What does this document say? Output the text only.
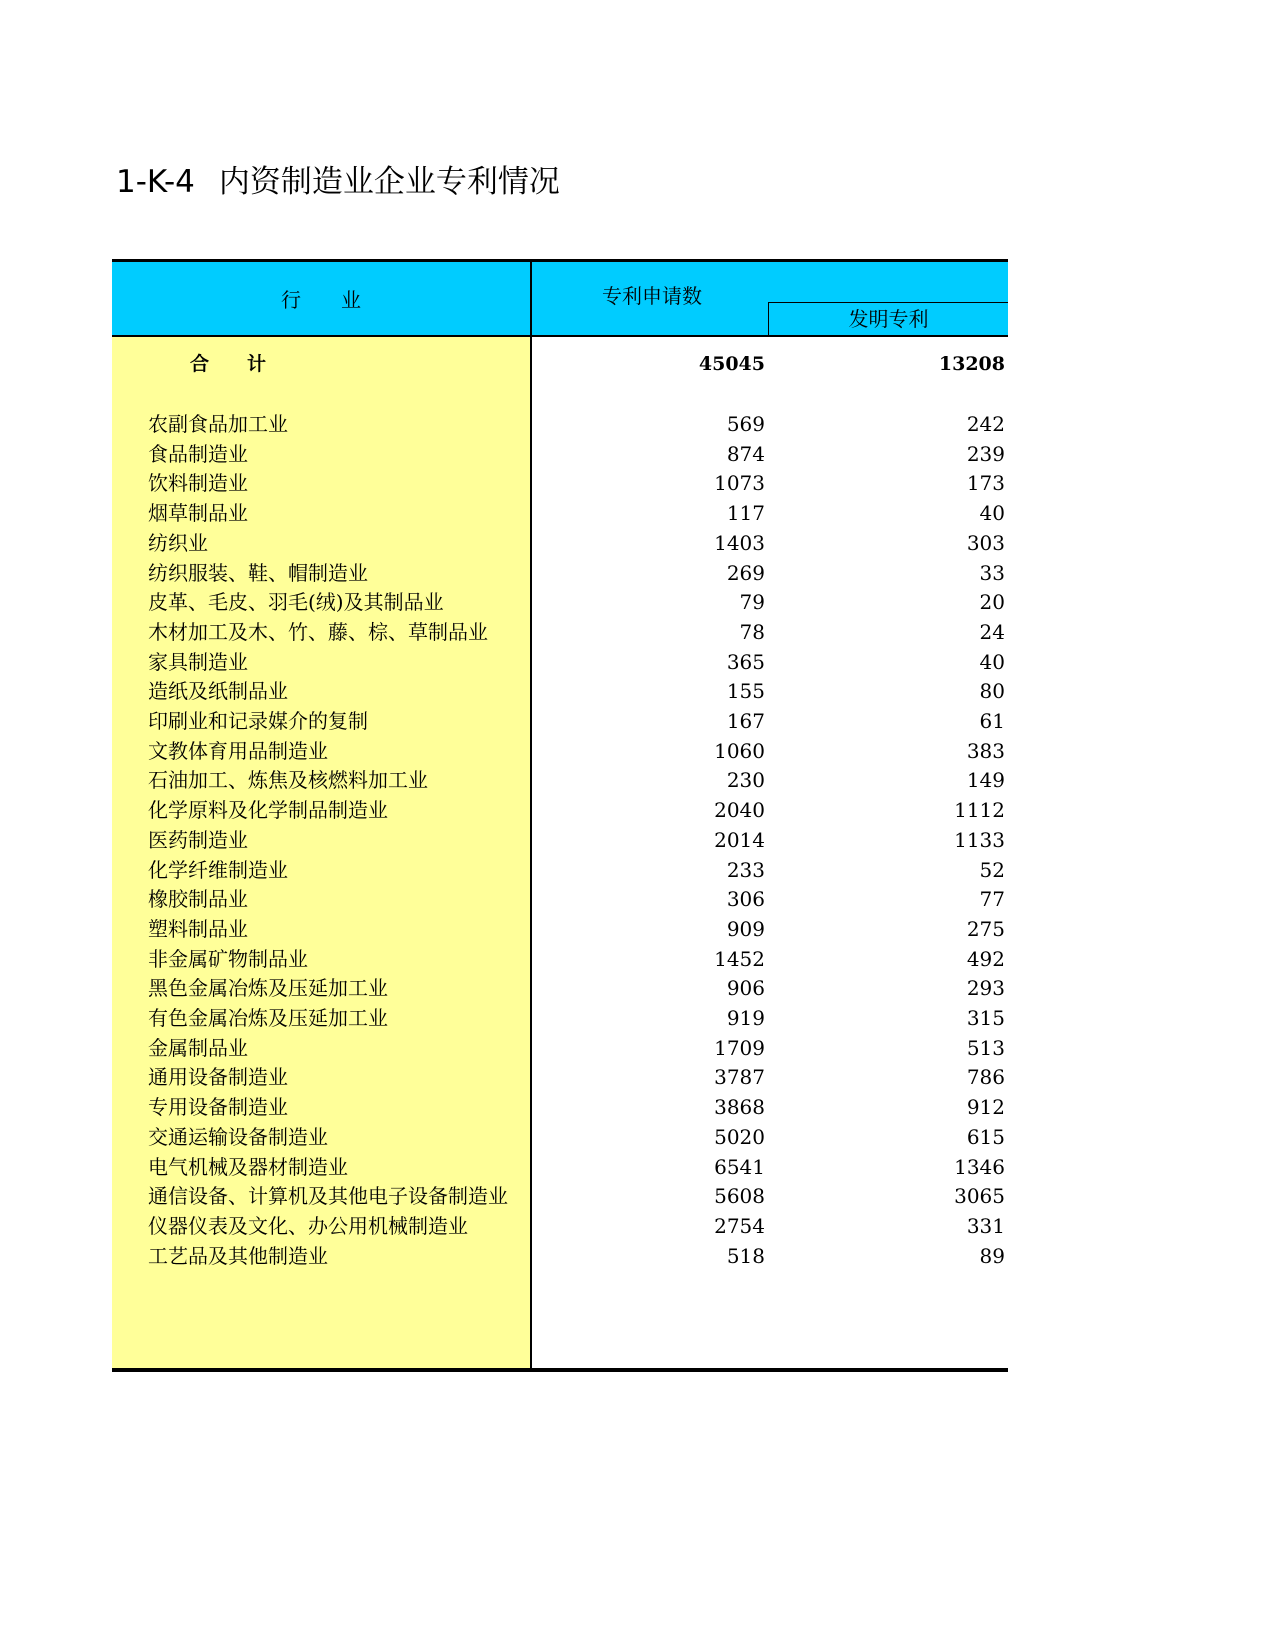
1-K-4 内资制造业企业专利情况
行　　业	专利申请数
发明专利
合　　计	45045	13208
农副食品加工业	569	242
食品制造业	874	239
饮料制造业	1073	173
烟草制品业	117	40
纺织业	1403	303
纺织服装、鞋、帽制造业	269	33
皮革、毛皮、羽毛(绒)及其制品业	79	20
木材加工及木、竹、藤、棕、草制品业	78	24
家具制造业	365	40
造纸及纸制品业	155	80
印刷业和记录媒介的复制	167	61
文教体育用品制造业	1060	383
石油加工、炼焦及核燃料加工业	230	149
化学原料及化学制品制造业	2040	1112
医药制造业	2014	1133
化学纤维制造业	233	52
橡胶制品业	306	77
塑料制品业	909	275
非金属矿物制品业	1452	492
黑色金属冶炼及压延加工业	906	293
有色金属冶炼及压延加工业	919	315
金属制品业	1709	513
通用设备制造业	3787	786
专用设备制造业	3868	912
交通运输设备制造业	5020	615
电气机械及器材制造业	6541	1346
通信设备、计算机及其他电子设备制造业	5608	3065
仪器仪表及文化、办公用机械制造业	2754	331
工艺品及其他制造业	518	89
